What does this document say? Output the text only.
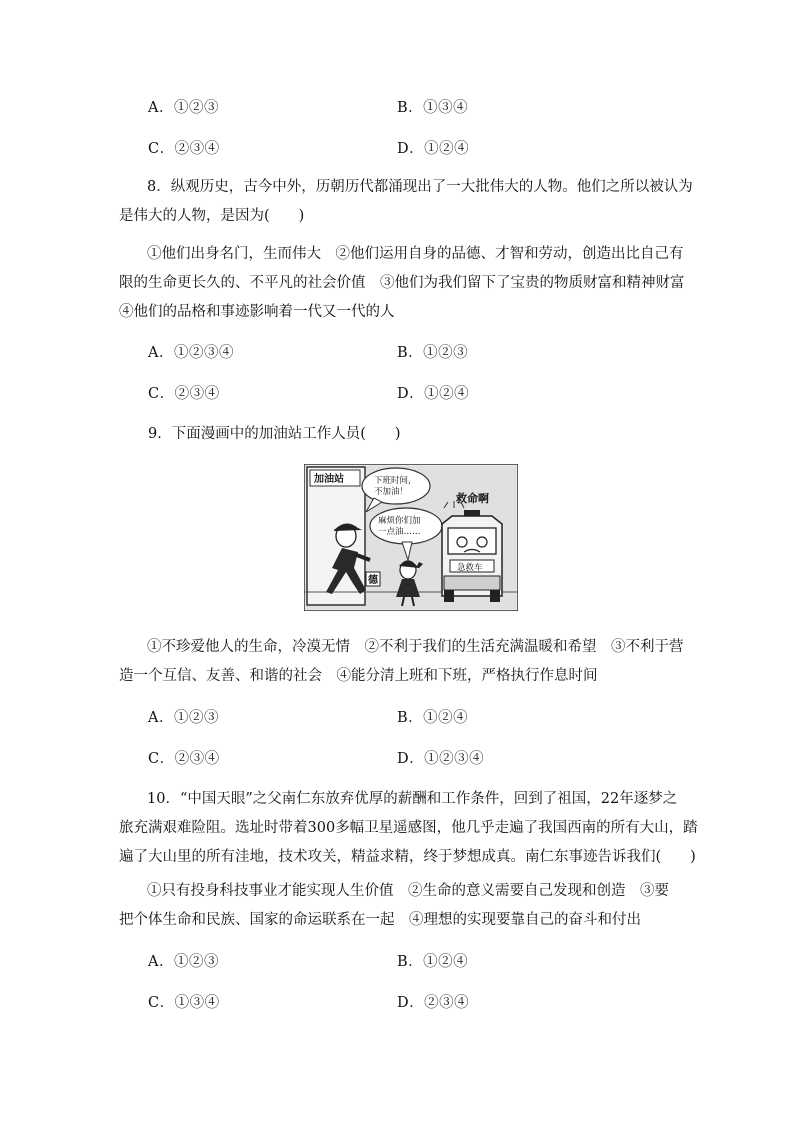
A．①②③	B．①③④
C．②③④	D．①②④
8．纵观历史，古今中外，历朝历代都涌现出了一大批伟大的人物。他们之所以被认为
是伟大的人物，是因为(　　)
①他们出身名门，生而伟大　②他们运用自身的品德、才智和劳动，创造出比自己有
限的生命更长久的、不平凡的社会价值　③他们为我们留下了宝贵的物质财富和精神财富
④他们的品格和事迹影响着一代又一代的人
A．①②③④	B．①②③
C．②③④	D．①②④
9．下面漫画中的加油站工作人员(　　)
加油站	下班时间，
不加油！
麻烦你们加
一点油……
救命啊
德
急救车
①不珍爱他人的生命，冷漠无情　②不利于我们的生活充满温暖和希望　③不利于营
造一个互信、友善、和谐的社会　④能分清上班和下班，严格执行作息时间
A．①②③	B．①②④
C．②③④	D．①②③④
10．“中国天眼”之父南仁东放弃优厚的薪酬和工作条件，回到了祖国，22年逐梦之
旅充满艰难险阻。选址时带着300多幅卫星遥感图，他几乎走遍了我国西南的所有大山，踏
遍了大山里的所有洼地，技术攻关，精益求精，终于梦想成真。南仁东事迹告诉我们(　　)
①只有投身科技事业才能实现人生价值　②生命的意义需要自己发现和创造　③要
把个体生命和民族、国家的命运联系在一起　④理想的实现要靠自己的奋斗和付出
A．①②③	B．①②④
C．①③④	D．②③④
